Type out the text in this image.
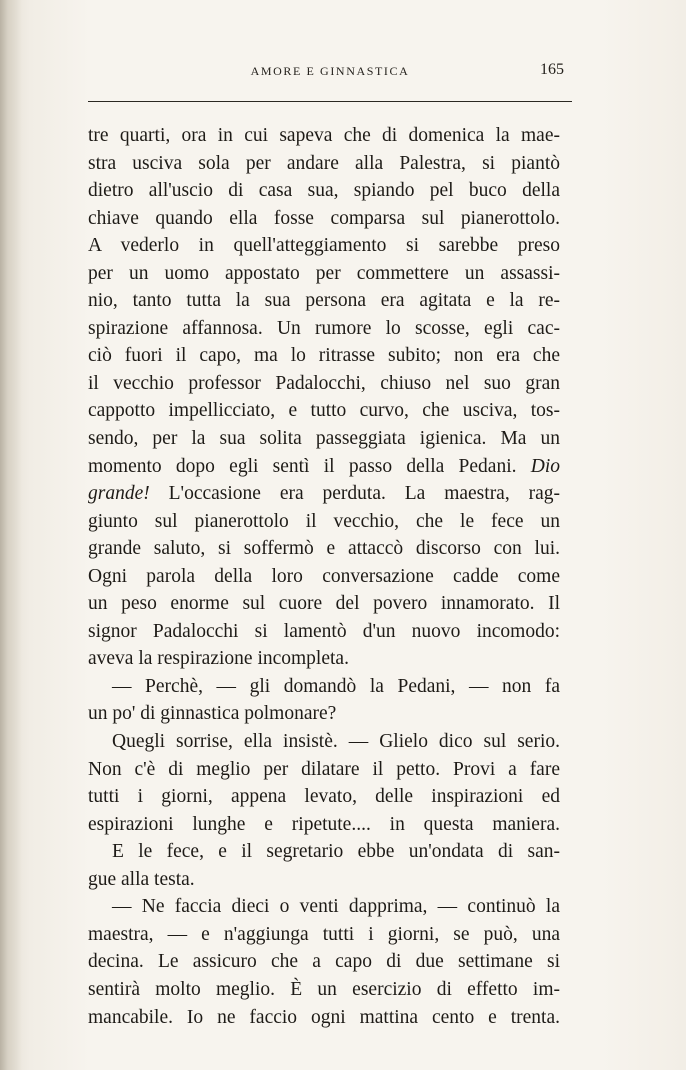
AMORE E GINNASTICA	165
tre quarti, ora in cui sapeva che di domenica la mae-
stra usciva sola per andare alla Palestra, si piantò
dietro all'uscio di casa sua, spiando pel buco della
chiave quando ella fosse comparsa sul pianerottolo.
A vederlo in quell'atteggiamento si sarebbe preso
per un uomo appostato per commettere un assassi-
nio, tanto tutta la sua persona era agitata e la re-
spirazione affannosa. Un rumore lo scosse, egli cac-
ciò fuori il capo, ma lo ritrasse subito; non era che
il vecchio professor Padalocchi, chiuso nel suo gran
cappotto impellicciato, e tutto curvo, che usciva, tos-
sendo, per la sua solita passeggiata igienica. Ma un
momento dopo egli sentì il passo della Pedani. Dio
grande! L'occasione era perduta. La maestra, rag-
giunto sul pianerottolo il vecchio, che le fece un
grande saluto, si soffermò e attaccò discorso con lui.
Ogni parola della loro conversazione cadde come
un peso enorme sul cuore del povero innamorato. Il
signor Padalocchi si lamentò d'un nuovo incomodo:
aveva la respirazione incompleta.
— Perchè, — gli domandò la Pedani, — non fa
un po' di ginnastica polmonare?
Quegli sorrise, ella insistè. — Glielo dico sul serio.
Non c'è di meglio per dilatare il petto. Provi a fare
tutti i giorni, appena levato, delle inspirazioni ed
espirazioni lunghe e ripetute.... in questa maniera.
E le fece, e il segretario ebbe un'ondata di san-
gue alla testa.
— Ne faccia dieci o venti dapprima, — continuò la
maestra, — e n'aggiunga tutti i giorni, se può, una
decina. Le assicuro che a capo di due settimane si
sentirà molto meglio. È un esercizio di effetto im-
mancabile. Io ne faccio ogni mattina cento e trenta.
